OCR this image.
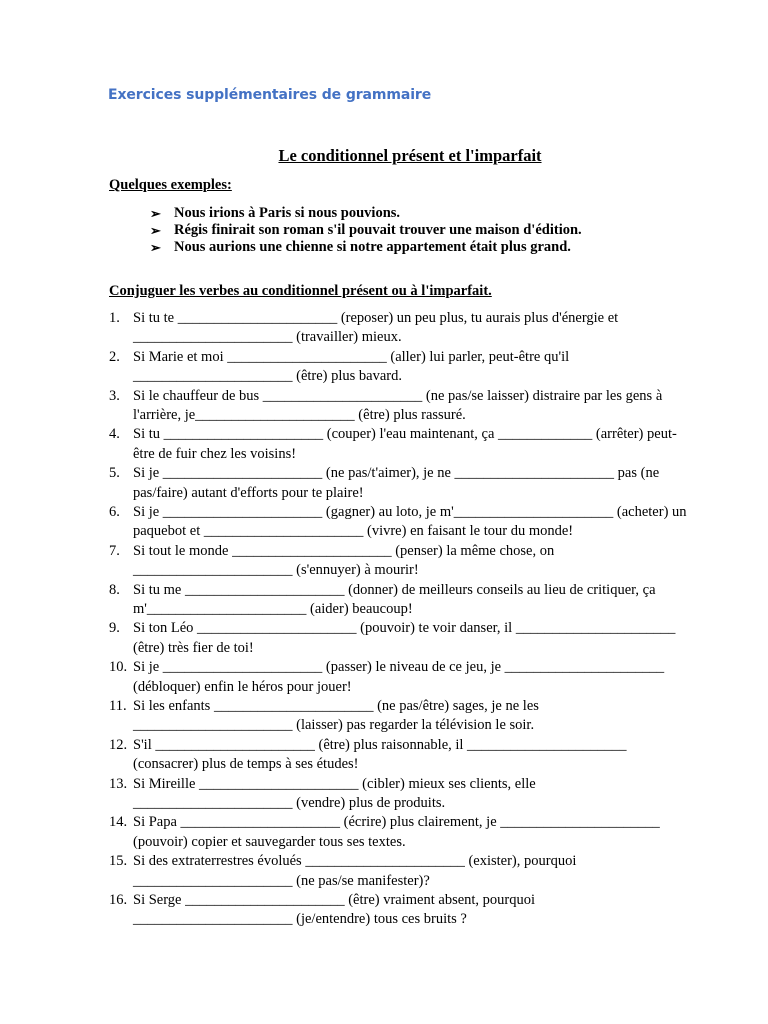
Exercices supplémentaires de grammaire
Le conditionnel présent et l'imparfait
Quelques exemples:
➢ Nous irions à Paris si nous pouvions.
➢ Régis finirait son roman s'il pouvait trouver une maison d'édition.
➢ Nous aurions une chienne si notre appartement était plus grand.
Conjuguer les verbes au conditionnel présent ou à l'imparfait.
1. Si tu te ______________________ (reposer) un peu plus, tu aurais plus d'énergie et
______________________ (travailler) mieux.
2. Si Marie et moi ______________________ (aller) lui parler, peut-être qu'il
______________________ (être) plus bavard.
3. Si le chauffeur de bus ______________________ (ne pas/se laisser) distraire par les gens à
l'arrière, je______________________ (être) plus rassuré.
4. Si tu ______________________ (couper) l'eau maintenant, ça _____________ (arrêter) peut-
être de fuir chez les voisins!
5. Si je ______________________ (ne pas/t'aimer), je ne ______________________ pas (ne
pas/faire) autant d'efforts pour te plaire!
6. Si je ______________________ (gagner) au loto, je m'______________________ (acheter) un
paquebot et ______________________ (vivre) en faisant le tour du monde!
7. Si tout le monde ______________________ (penser) la même chose, on
______________________ (s'ennuyer) à mourir!
8. Si tu me ______________________ (donner) de meilleurs conseils au lieu de critiquer, ça
m'______________________ (aider) beaucoup!
9. Si ton Léo ______________________ (pouvoir) te voir danser, il ______________________
(être) très fier de toi!
10. Si je ______________________ (passer) le niveau de ce jeu, je ______________________
(débloquer) enfin le héros pour jouer!
11. Si les enfants ______________________ (ne pas/être) sages, je ne les
______________________ (laisser) pas regarder la télévision le soir.
12. S'il ______________________ (être) plus raisonnable, il ______________________
(consacrer) plus de temps à ses études!
13. Si Mireille ______________________ (cibler) mieux ses clients, elle
______________________ (vendre) plus de produits.
14. Si Papa ______________________ (écrire) plus clairement, je ______________________
(pouvoir) copier et sauvegarder tous ses textes.
15. Si des extraterrestres évolués ______________________ (exister), pourquoi
______________________ (ne pas/se manifester)?
16. Si Serge ______________________ (être) vraiment absent, pourquoi
______________________ (je/entendre) tous ces bruits ?
